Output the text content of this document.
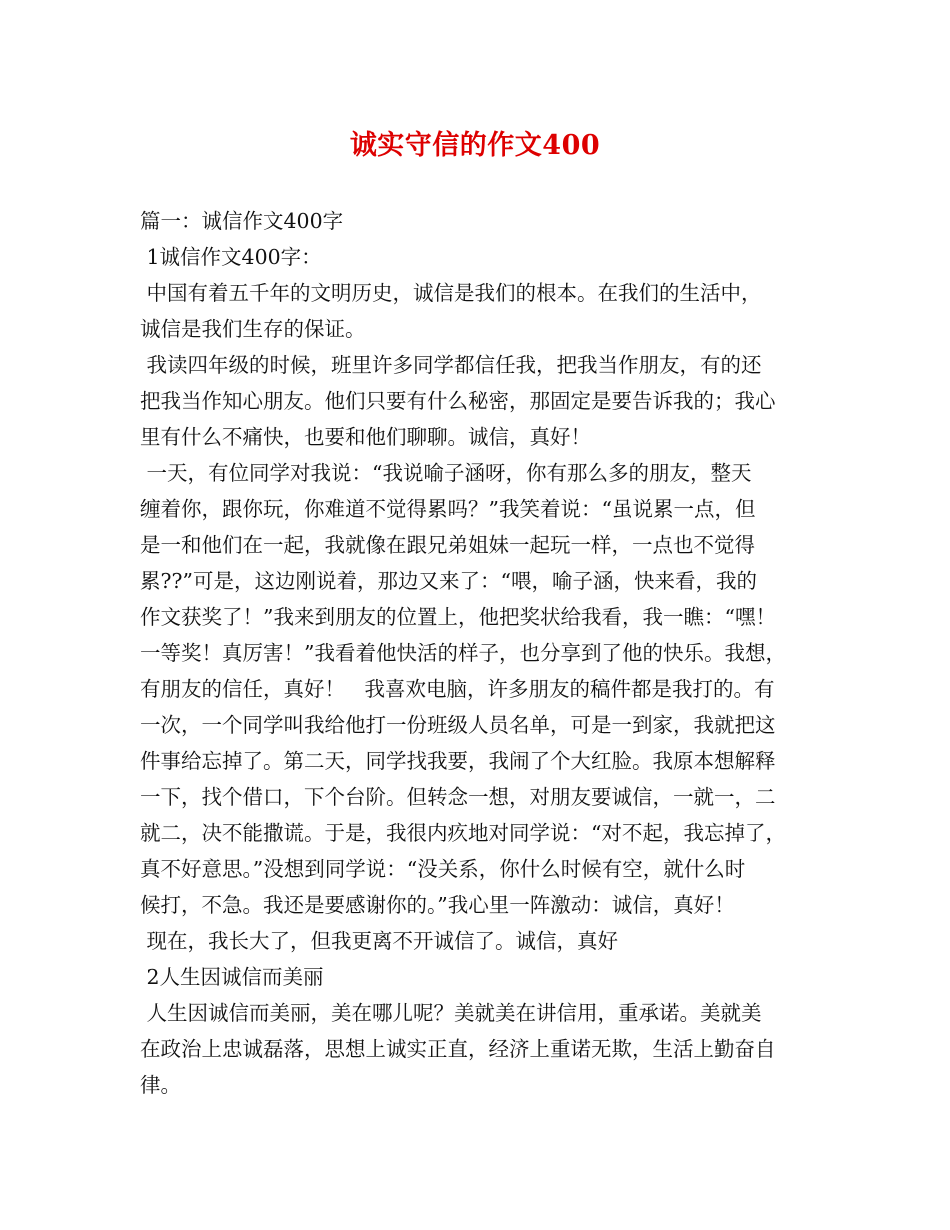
诚实守信的作文400
篇一：诚信作文400字
1诚信作文400字：
中国有着五千年的文明历史，诚信是我们的根本。在我们的生活中，
诚信是我们生存的保证。
我读四年级的时候，班里许多同学都信任我，把我当作朋友，有的还
把我当作知心朋友。他们只要有什么秘密，那固定是要告诉我的；我心
里有什么不痛快，也要和他们聊聊。诚信，真好！
一天，有位同学对我说：“我说喻子涵呀，你有那么多的朋友，整天
缠着你，跟你玩，你难道不觉得累吗？”我笑着说：“虽说累一点，但
是一和他们在一起，我就像在跟兄弟姐妹一起玩一样，一点也不觉得
累??”可是，这边刚说着，那边又来了：“喂，喻子涵，快来看，我的
作文获奖了！”我来到朋友的位置上，他把奖状给我看，我一瞧：“嘿！
一等奖！真厉害！”我看着他快活的样子，也分享到了他的快乐。我想，
有朋友的信任，真好！   我喜欢电脑，许多朋友的稿件都是我打的。有
一次，一个同学叫我给他打一份班级人员名单，可是一到家，我就把这
件事给忘掉了。第二天，同学找我要，我闹了个大红脸。我原本想解释
一下，找个借口，下个台阶。但转念一想，对朋友要诚信，一就一，二
就二，决不能撒谎。于是，我很内疚地对同学说：“对不起，我忘掉了，
真不好意思。”没想到同学说：“没关系，你什么时候有空，就什么时
候打，不急。我还是要感谢你的。”我心里一阵激动：诚信，真好！
现在，我长大了，但我更离不开诚信了。诚信，真好
2人生因诚信而美丽
人生因诚信而美丽，美在哪儿呢？美就美在讲信用，重承诺。美就美
在政治上忠诚磊落，思想上诚实正直，经济上重诺无欺，生活上勤奋自
律。
